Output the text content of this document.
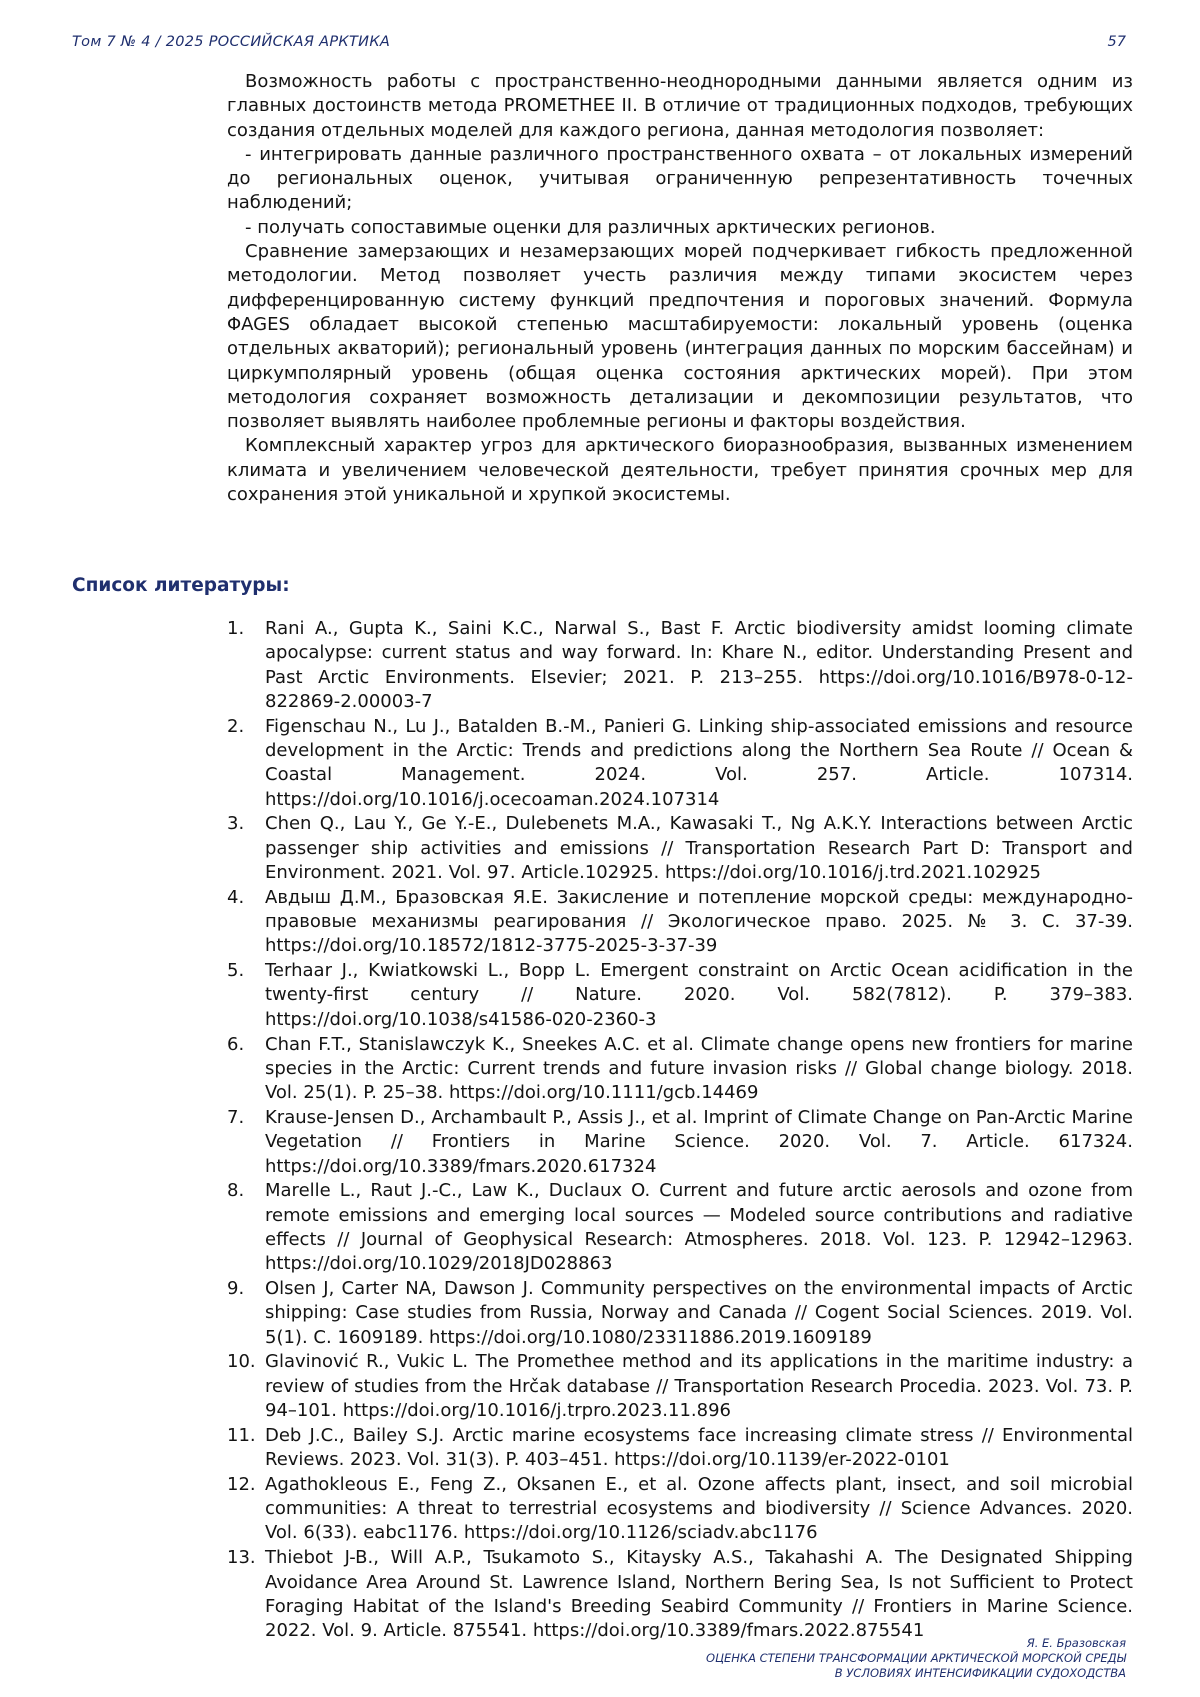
Том 7 № 4 / 2025 РОССИЙСКАЯ АРКТИКА	57

Возможность работы с пространственно-неоднородными данными является одним из главных достоинств метода PROMETHEE II. В отличие от традиционных подходов, требующих создания отдельных моделей для каждого региона, данная методология позволяет:

- интегрировать данные различного пространственного охвата – от локальных измерений до региональных оценок, учитывая ограниченную репрезентативность точечных наблюдений;

- получать сопоставимые оценки для различных арктических регионов.

Сравнение замерзающих и незамерзающих морей подчеркивает гибкость предложенной методологии. Метод позволяет учесть различия между типами экосистем через дифференцированную систему функций предпочтения и пороговых значений. Формула ΦAGES обладает высокой степенью масштабируемости: локальный уровень (оценка отдельных акваторий); региональный уровень (интеграция данных по морским бассейнам) и циркумполярный уровень (общая оценка состояния арктических морей). При этом методология сохраняет возможность детализации и декомпозиции результатов, что позволяет выявлять наиболее проблемные регионы и факторы воздействия.

Комплексный характер угроз для арктического биоразнообразия, вызванных изменением климата и увеличением человеческой деятельности, требует принятия срочных мер для сохранения этой уникальной и хрупкой экосистемы.

Список литературы:
1. Rani A., Gupta K., Saini K.C., Narwal S., Bast F. Arctic biodiversity amidst looming climate apocalypse: current status and way forward. In: Khare N., editor. Understanding Present and Past Arctic Environments. Elsevier; 2021. P. 213–255. https://doi.org/10.1016/B978-0-12-822869-2.00003-7
2. Figenschau N., Lu J., Batalden B.-M., Panieri G. Linking ship-associated emissions and resource development in the Arctic: Trends and predictions along the Northern Sea Route // Ocean & Coastal Management. 2024. Vol. 257. Article. 107314. https://doi.org/10.1016/j.ocecoaman.2024.107314
3. Chen Q., Lau Y., Ge Y.-E., Dulebenets M.A., Kawasaki T., Ng A.K.Y. Interactions between Arctic passenger ship activities and emissions // Transportation Research Part D: Transport and Environment. 2021. Vol. 97. Article.102925. https://doi.org/10.1016/j.trd.2021.102925
4. Авдыш Д.М., Бразовская Я.Е. Закисление и потепление морской среды: международно-правовые механизмы реагирования // Экологическое право. 2025. № 3. С. 37-39. https://doi.org/10.18572/1812-3775-2025-3-37-39
5. Terhaar J., Kwiatkowski L., Bopp L. Emergent constraint on Arctic Ocean acidification in the twenty-first century // Nature. 2020. Vol. 582(7812). P. 379–383. https://doi.org/10.1038/s41586-020-2360-3
6. Chan F.T., Stanislawczyk K., Sneekes A.C. et al. Climate change opens new frontiers for marine species in the Arctic: Current trends and future invasion risks // Global change biology. 2018. Vol. 25(1). P. 25–38. https://doi.org/10.1111/gcb.14469
7. Krause-Jensen D., Archambault P., Assis J., et al. Imprint of Climate Change on Pan-Arctic Marine Vegetation // Frontiers in Marine Science. 2020. Vol. 7. Article. 617324. https://doi.org/10.3389/fmars.2020.617324
8. Marelle L., Raut J.-C., Law K., Duclaux O. Current and future arctic aerosols and ozone from remote emissions and emerging local sources — Modeled source contributions and radiative effects // Journal of Geophysical Research: Atmospheres. 2018. Vol. 123. P. 12942–12963. https://doi.org/10.1029/2018JD028863
9. Olsen J, Carter NA, Dawson J. Community perspectives on the environmental impacts of Arctic shipping: Case studies from Russia, Norway and Canada // Cogent Social Sciences. 2019. Vol. 5(1). С. 1609189. https://doi.org/10.1080/23311886.2019.1609189
10. Glavinović R., Vukic L. The Promethee method and its applications in the maritime industry: a review of studies from the Hrčak database // Transportation Research Procedia. 2023. Vol. 73. P. 94–101. https://doi.org/10.1016/j.trpro.2023.11.896
11. Deb J.C., Bailey S.J. Arctic marine ecosystems face increasing climate stress // Environmental Reviews. 2023. Vol. 31(3). P. 403–451. https://doi.org/10.1139/er-2022-0101
12. Agathokleous E., Feng Z., Oksanen E., et al. Ozone affects plant, insect, and soil microbial communities: A threat to terrestrial ecosystems and biodiversity // Science Advances. 2020. Vol. 6(33). eabc1176. https://doi.org/10.1126/sciadv.abc1176
13. Thiebot J-B., Will A.P., Tsukamoto S., Kitaysky A.S., Takahashi A. The Designated Shipping Avoidance Area Around St. Lawrence Island, Northern Bering Sea, Is not Sufficient to Protect Foraging Habitat of the Island's Breeding Seabird Community // Frontiers in Marine Science. 2022. Vol. 9. Article. 875541. https://doi.org/10.3389/fmars.2022.875541
Я. Е. Бразовская
ОЦЕНКА СТЕПЕНИ ТРАНСФОРМАЦИИ АРКТИЧЕСКОЙ МОРСКОЙ СРЕДЫ
В УСЛОВИЯХ ИНТЕНСИФИКАЦИИ СУДОХОДСТВА
